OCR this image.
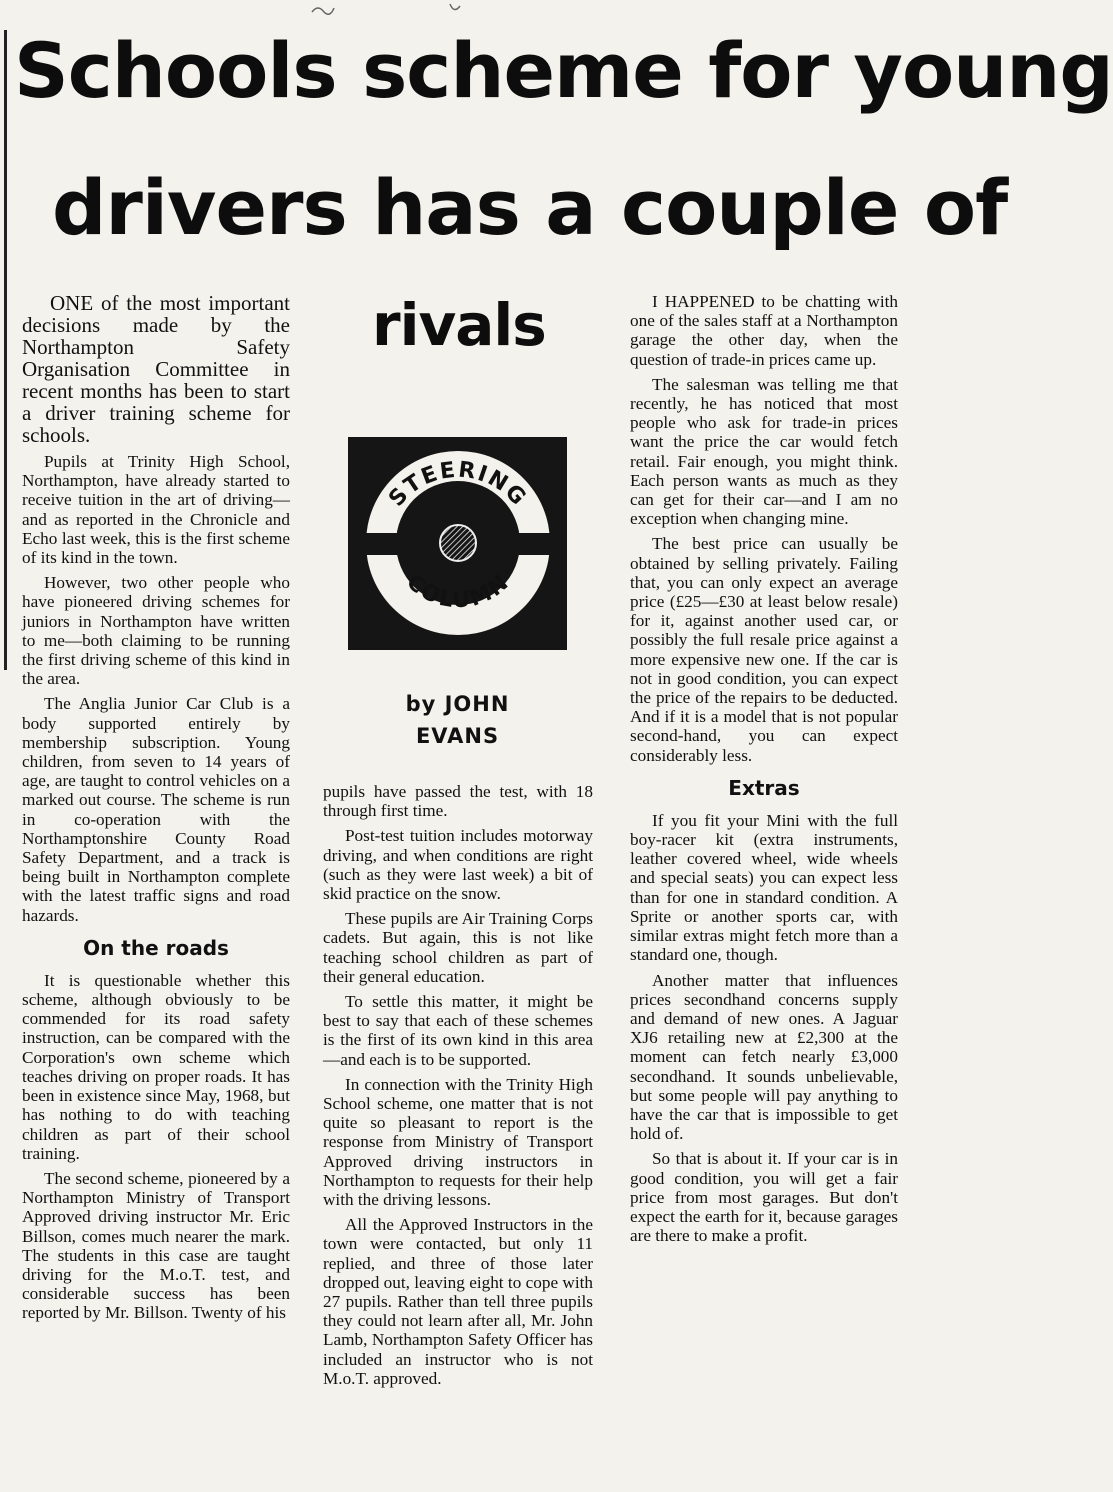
Schools scheme for young
drivers has a couple of
rivals

ONE of the most important decisions made by the Northampton Safety Organisation Committee in recent months has been to start a driver training scheme for schools.

Pupils at Trinity High School, Northampton, have already started to receive tuition in the art of driving—and as reported in the Chronicle and Echo last week, this is the first scheme of its kind in the town.

However, two other people who have pioneered driving schemes for juniors in Northampton have written to me—both claiming to be running the first driving scheme of this kind in the area.

The Anglia Junior Car Club is a body supported entirely by membership subscription. Young children, from seven to 14 years of age, are taught to control vehicles on a marked out course. The scheme is run in co-operation with the Northamptonshire County Road Safety Department, and a track is being built in Northampton complete with the latest traffic signs and road hazards.

On the roads

It is questionable whether this scheme, although obviously to be commended for its road safety instruction, can be compared with the Corporation's own scheme which teaches driving on proper roads. It has been in existence since May, 1968, but has nothing to do with teaching children as part of their school training.

The second scheme, pioneered by a Northampton Ministry of Transport Approved driving instructor Mr. Eric Billson, comes much nearer the mark. The students in this case are taught driving for the M.o.T. test, and considerable success has been reported by Mr. Billson. Twenty of his

STEERING
COLUMN
by JOHN
EVANS

pupils have passed the test, with 18 through first time.

Post-test tuition includes motorway driving, and when conditions are right (such as they were last week) a bit of skid practice on the snow.

These pupils are Air Training Corps cadets. But again, this is not like teaching school children as part of their general education.

To settle this matter, it might be best to say that each of these schemes is the first of its own kind in this area—and each is to be supported.

In connection with the Trinity High School scheme, one matter that is not quite so pleasant to report is the response from Ministry of Transport Approved driving instructors in Northampton to requests for their help with the driving lessons.

All the Approved Instructors in the town were contacted, but only 11 replied, and three of those later dropped out, leaving eight to cope with 27 pupils. Rather than tell three pupils they could not learn after all, Mr. John Lamb, Northampton Safety Officer has included an instructor who is not M.o.T. approved.

I HAPPENED to be chatting with one of the sales staff at a Northampton garage the other day, when the question of trade-in prices came up.

The salesman was telling me that recently, he has noticed that most people who ask for trade-in prices want the price the car would fetch retail. Fair enough, you might think. Each person wants as much as they can get for their car—and I am no exception when changing mine.

The best price can usually be obtained by selling privately. Failing that, you can only expect an average price (£25—£30 at least below resale) for it, against another used car, or possibly the full resale price against a more expensive new one. If the car is not in good condition, you can expect the price of the repairs to be deducted. And if it is a model that is not popular second-hand, you can expect considerably less.

Extras

If you fit your Mini with the full boy-racer kit (extra instruments, leather covered wheel, wide wheels and special seats) you can expect less than for one in standard condition. A Sprite or another sports car, with similar extras might fetch more than a standard one, though.

Another matter that influences prices secondhand concerns supply and demand of new ones. A Jaguar XJ6 retailing new at £2,300 at the moment can fetch nearly £3,000 secondhand. It sounds unbelievable, but some people will pay anything to have the car that is impossible to get hold of.

So that is about it. If your car is in good condition, you will get a fair price from most garages. But don't expect the earth for it, because garages are there to make a profit.
